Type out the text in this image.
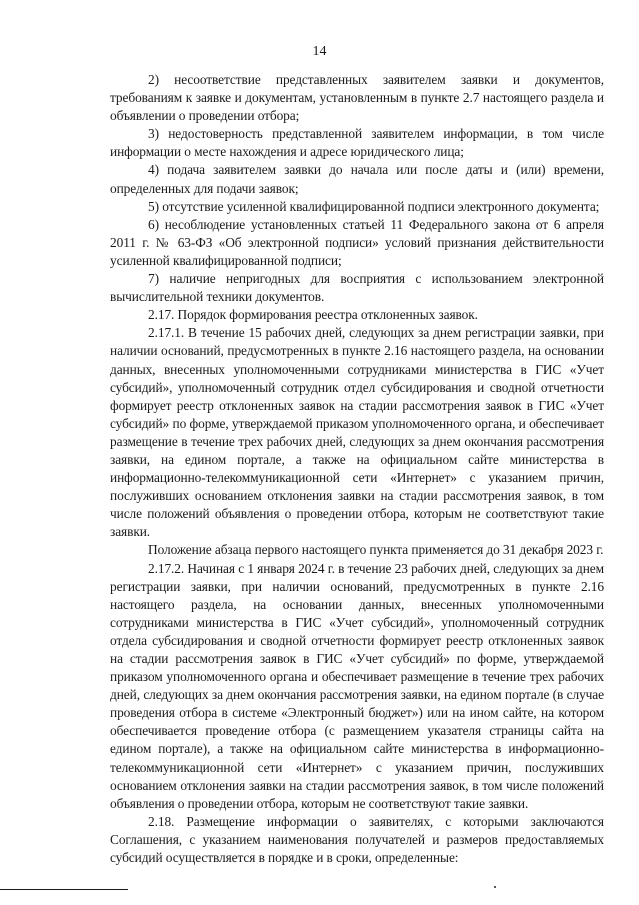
14

2) несоответствие представленных заявителем заявки и документов, требованиям к заявке и документам, установленным в пункте 2.7 настоящего раздела и объявлении о проведении отбора;

3) недостоверность представленной заявителем информации, в том числе информации о месте нахождения и адресе юридического лица;

4) подача заявителем заявки до начала или после даты и (или) времени, определенных для подачи заявок;

5) отсутствие усиленной квалифицированной подписи электронного документа;

6) несоблюдение установленных статьей 11 Федерального закона от 6 апреля 2011 г. № 63-ФЗ «Об электронной подписи» условий признания действительности усиленной квалифицированной подписи;

7) наличие непригодных для восприятия с использованием электронной вычислительной техники документов.

2.17. Порядок формирования реестра отклоненных заявок.

2.17.1. В течение 15 рабочих дней, следующих за днем регистрации заявки, при наличии оснований, предусмотренных в пункте 2.16 настоящего раздела, на основании данных, внесенных уполномоченными сотрудниками министерства в ГИС «Учет субсидий», уполномоченный сотрудник отдел субсидирования и сводной отчетности формирует реестр отклоненных заявок на стадии рассмотрения заявок в ГИС «Учет субсидий» по форме, утверждаемой приказом уполномоченного органа, и обеспечивает размещение в течение трех рабочих дней, следующих за днем окончания рассмотрения заявки, на едином портале, а также на официальном сайте министерства в информационно-телекоммуникационной сети «Интернет» с указанием причин, послуживших основанием отклонения заявки на стадии рассмотрения заявок, в том числе положений объявления о проведении отбора, которым не соответствуют такие заявки.

Положение абзаца первого настоящего пункта применяется до 31 декабря 2023 г.

2.17.2. Начиная с 1 января 2024 г. в течение 23 рабочих дней, следующих за днем регистрации заявки, при наличии оснований, предусмотренных в пункте 2.16 настоящего раздела, на основании данных, внесенных уполномоченными сотрудниками министерства в ГИС «Учет субсидий», уполномоченный сотрудник отдела субсидирования и сводной отчетности формирует реестр отклоненных заявок на стадии рассмотрения заявок в ГИС «Учет субсидий» по форме, утверждаемой приказом уполномоченного органа и обеспечивает размещение в течение трех рабочих дней, следующих за днем окончания рассмотрения заявки, на едином портале (в случае проведения отбора в системе «Электронный бюджет») или на ином сайте, на котором обеспечивается проведение отбора (с размещением указателя страницы сайта на едином портале), а также на официальном сайте министерства в информационно-телекоммуникационной сети «Интернет» с указанием причин, послуживших основанием отклонения заявки на стадии рассмотрения заявок, в том числе положений объявления о проведении отбора, которым не соответствуют такие заявки.

2.18. Размещение информации о заявителях, с которыми заключаются Соглашения, с указанием наименования получателей и размеров предоставляемых субсидий осуществляется в порядке и в сроки, определенные:
